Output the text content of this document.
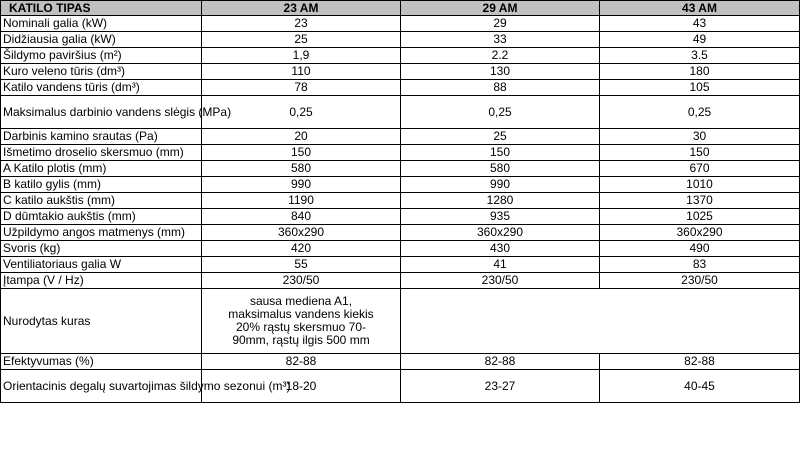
KATILO TIPAS	23 AM	29 AM	43 AM
Nominali galia (kW)	23	29	43
Didžiausia galia (kW)	25	33	49
Šildymo paviršius (m²)	1,9	2.2	3.5
Kuro veleno tūris (dm³)	110	130	180
Katilo vandens tūris (dm³)	78	88	105
Maksimalus darbinio vandens slėgis (MPa)	0,25	0,25	0,25
Darbinis kamino srautas (Pa)	20	25	30
Išmetimo droselio skersmuo (mm)	150	150	150
A Katilo plotis (mm)	580	580	670
B katilo gylis (mm)	990	990	1010
C katilo aukštis (mm)	1190	1280	1370
D dūmtakio aukštis (mm)	840	935	1025
Užpildymo angos matmenys (mm)	360x290	360x290	360x290
Svoris (kg)	420	430	490
Ventiliatoriaus galia W	55	41	83
Įtampa (V / Hz)	230/50	230/50	230/50
Nurodytas kuras	sausa mediena A1,
maksimalus vandens kiekis
20% rąstų skersmuo 70-
90mm, rąstų ilgis 500 mm		

Efektyvumas (%)	82-88	82-88	82-88
Orientacinis degalų suvartojimas šildymo sezonui (m³)	18-20	23-27	40-45
